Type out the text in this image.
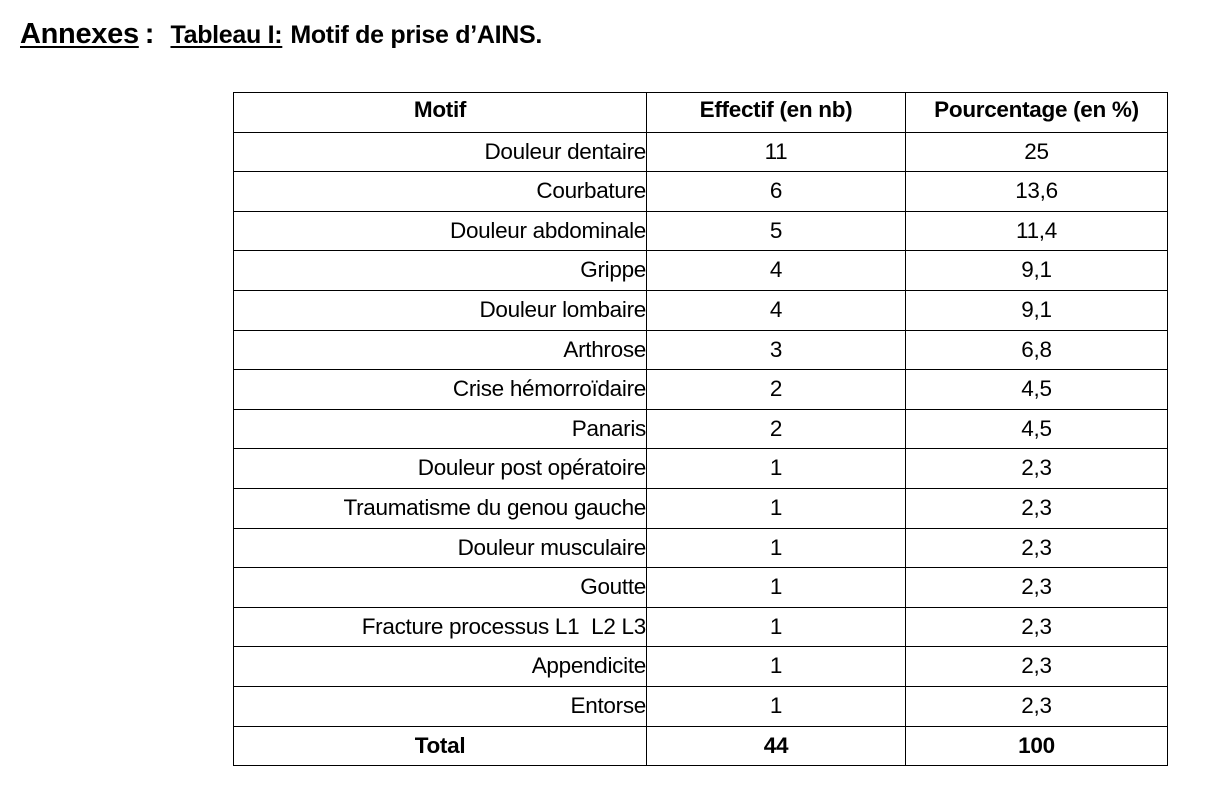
Annexes : Tableau I: Motif de prise d’AINS.
Motif	Effectif (en nb)	Pourcentage (en %)
Douleur dentaire	11	25
Courbature	6	13,6
Douleur abdominale	5	11,4
Grippe	4	9,1
Douleur lombaire	4	9,1
Arthrose	3	6,8
Crise hémorroïdaire	2	4,5
Panaris	2	4,5
Douleur post opératoire	1	2,3
Traumatisme du genou gauche	1	2,3
Douleur musculaire	1	2,3
Goutte	1	2,3
Fracture processus L1  L2 L3	1	2,3
Appendicite	1	2,3
Entorse	1	2,3
Total	44	100
